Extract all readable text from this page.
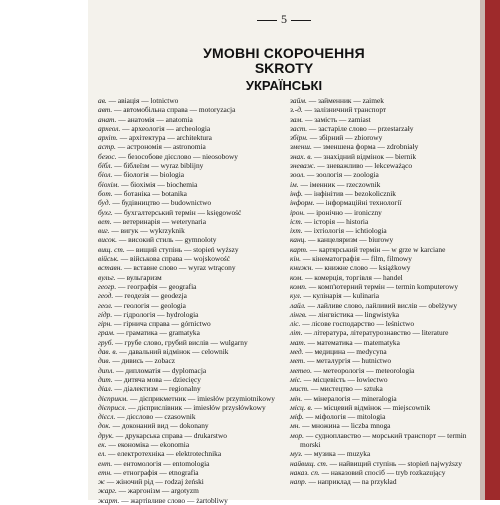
5
УМОВНІ СКОРОЧЕННЯ
SKROTY
УКРАЇНСЬКІ
ав. — авіація — lotnictwo
авт. — автомобільна справа — motoryzacja
анат. — анатомія — anatomia
археол. — археологія — archeologia
архіт. — архітектура — architektura
астр. — астрономія — astronomia
безос. — безособове дієслово — nieosobowy
бібл. — біблеїзм — wyraz biblijny
біол. — біологія — biologia
біохім. — біохімія — biochemia
бот. — ботаніка — botanika
буд. — будівництво — budownictwo
бухг. — бухгалтерський термін — księgowość
вет. — ветеринарія — weterynaria
виг. — вигук — wykrzyknik
висок. — високий стиль — gymnoloty
вищ. ст. — вищий ступінь — stopień wyższy
військ. — військова справа — wojskowość
вставн. — вставне слово — wyraz wtrącony
вульг. — вульгаризм
геогр. — географія — geografia
геод. — геодезія — geodezja
геол. — геологія — geologia
гідр. — гідрологія — hydrologia
гірн. — гірнича справа — górnictwo
грам. — граматика — gramatyka
груб. — грубе слово, грубий вислів — wulgarny
дав. в. — давальний відмінок — celownik
див. — дивись — zobacz
дипл. — дипломатія — dyplomacja
дит. — дитяча мова — dziecięcy
діал. — діалектизм — regionalny
дієприкм. — дієприкметник — imiesłów przymiotnikowy
дієприсл. — дієприслівник — imiesłów przysłówkowy
дієсл. — дієслово — czasownik
док. — доконаний вид — dokonany
друк. — друкарська справа — drukarstwo
ек. — економіка — ekonomia
ел. — електротехніка — elektrotechnika
ент. — ентомологія — entomologia
етн. — етнографія — etnografia
ж — жіночий рід — rodzaj żeński
жарг. — жаргонізм — argotyzm
жарт. — жартівливе слово — żartobliwy
займ. — займенник — zaimek
з.-д. — залізничний транспорт
зам. — замість — zamiast
заст. — застаріле слово — przestarzały
збірн. — збірний — zbiorowy
зменш. — зменшена форма — zdrobniały
знах. в. — знахідний відмінок — biernik
зневаж. — зневажливо — lekceważąco
зоол. — зоологія — zoologia
ім. — іменник — rzeczownik
інф. — інфінітив — bezokolicznik
інформ. — інформаційні технології
ірон. — іронічно — ironiczny
іст. — історія — historia
іхт. — іхтіологія — ichtiologia
канц. — канцеляризм — biurowy
карт. — картярський термін — w grze w karciane
кін. — кінематографія — film, filmowy
книжн. — книжне слово — książkowy
ком. — комерція, торгівля — handel
комп. — комп'ютерний термін — termin komputerowy
кул. — кулінарія — kulinaria
лайл. — лайливе слово, лайливий вислів — obelżywy
лінгв. — лінгвістика — lingwistyka
ліс. — лісове господарство — leśnictwo
літ. — література, літературознавство — literature
мат. — математика — matematyka
мед. — медицина — medycyna
мет. — металургія — hutnictwo
метео. — метеорологія — meteorologia
міс. — місцевість — łowiectwo
мист. — мистецтво — sztuka
мін. — мінералогія — mineralogia
місц. в. — місцевий відмінок — miejscownik
міф. — міфологія — mitologia
мн. — множина — liczba mnoga
мор. — судноплавство — морський транспорт — termin morski
муз. — музика — muzyka
найвищ. ст. — найвищий ступінь — stopień najwyższy
наказ. сп. — наказовий спосіб — tryb rozkazujący
напр. — наприклад — na przykład
